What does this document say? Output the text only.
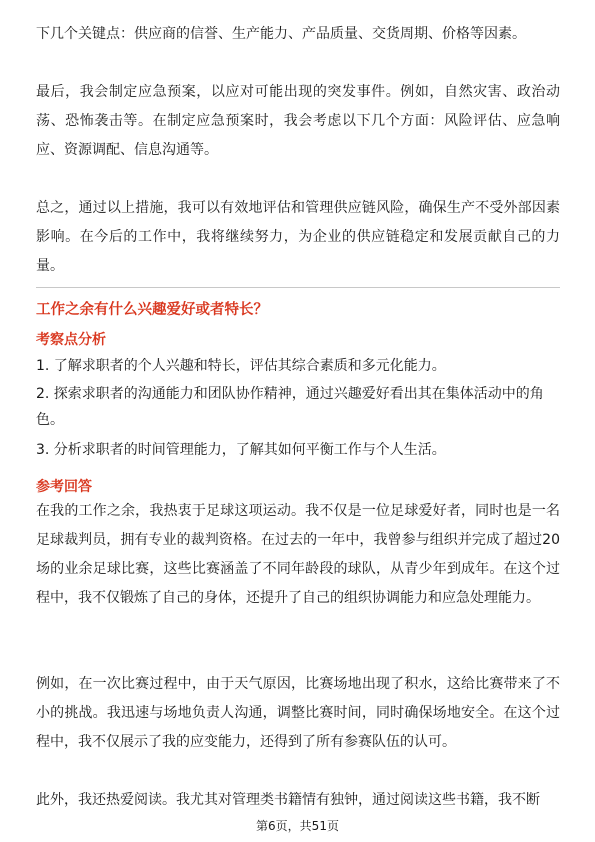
下几个关键点：供应商的信誉、生产能力、产品质量、交货周期、价格等因素。

最后，我会制定应急预案，以应对可能出现的突发事件。例如，自然灾害、政治动荡、恐怖袭击等。在制定应急预案时，我会考虑以下几个方面：风险评估、应急响应、资源调配、信息沟通等。

总之，通过以上措施，我可以有效地评估和管理供应链风险，确保生产不受外部因素影响。在今后的工作中，我将继续努力，为企业的供应链稳定和发展贡献自己的力量。

工作之余有什么兴趣爱好或者特长？

考察点分析

1. 了解求职者的个人兴趣和特长，评估其综合素质和多元化能力。

2. 探索求职者的沟通能力和团队协作精神，通过兴趣爱好看出其在集体活动中的角色。

3. 分析求职者的时间管理能力，了解其如何平衡工作与个人生活。

参考回答

在我的工作之余，我热衷于足球这项运动。我不仅是一位足球爱好者，同时也是一名足球裁判员，拥有专业的裁判资格。在过去的一年中，我曾参与组织并完成了超过20场的业余足球比赛，这些比赛涵盖了不同年龄段的球队，从青少年到成年。在这个过程中，我不仅锻炼了自己的身体，还提升了自己的组织协调能力和应急处理能力。

例如，在一次比赛过程中，由于天气原因，比赛场地出现了积水，这给比赛带来了不小的挑战。我迅速与场地负责人沟通，调整比赛时间，同时确保场地安全。在这个过程中，我不仅展示了我的应变能力，还得到了所有参赛队伍的认可。

此外，我还热爱阅读。我尤其对管理类书籍情有独钟，通过阅读这些书籍，我不断

第6页，共51页
